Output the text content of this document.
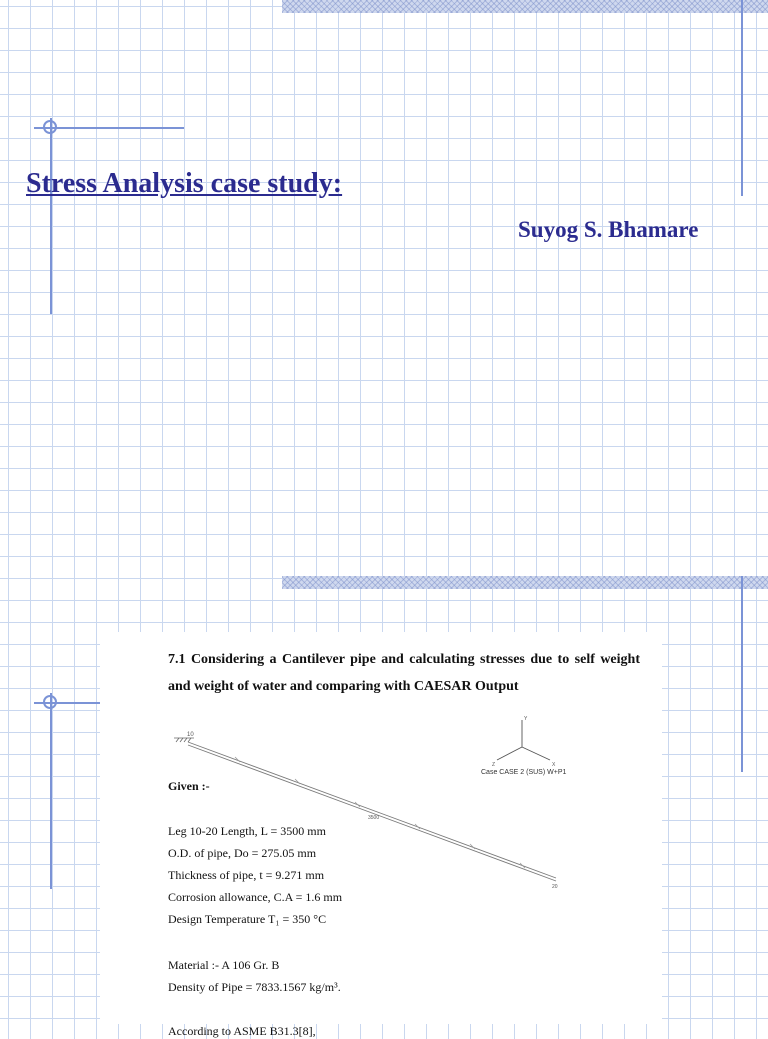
Stress Analysis case study:

Suyog S. Bhamare

7.1 Considering a Cantilever pipe and calculating stresses due to self weight and weight of water and comparing with CAESAR Output

10
3500
20
Y
Z	X
Case CASE 2 (SUS) W+P1
Given :-
Leg 10-20 Length, L = 3500 mm
O.D. of pipe, Do = 275.05 mm
Thickness of pipe, t = 9.271 mm
Corrosion allowance, C.A = 1.6 mm
Design Temperature T₁ = 350 °C
Material :- A 106 Gr. B
Density of Pipe = 7833.1567 kg/m³.
According to ASME B31.3[8],
